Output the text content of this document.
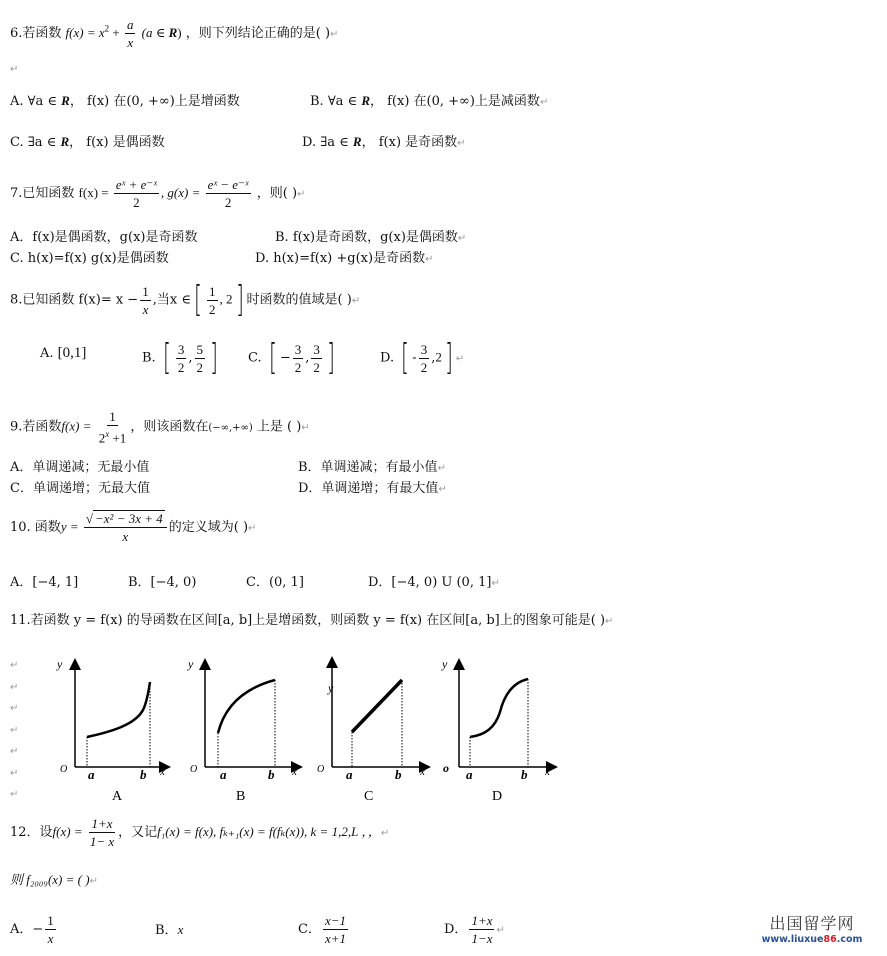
6.若函数 $f(x) = x^2 + \frac{a}{x} (a$ ∈ R) ，则下列结论正确的是( )↵
↵
A. ∀a ∈ R， f(x) 在(0, +∞)上是增函数	B. ∀a ∈ R， f(x) 在(0, +∞)上是减函数↵
C. ∃a ∈ R， f(x) 是偶函数	D. ∃a ∈ R， f(x) 是奇函数↵
7.已知函数 $f(x) = \frac{\text{eˣ + e⁻ˣ}}{2}$ , $g(x) = \frac{\text{eˣ − e⁻ˣ}}{2}$ ，则( )↵
A．f(x)是偶函数，g(x)是奇函数	B. f(x)是奇函数，g(x)是偶函数↵
C. h(x)=f(x) g(x)是偶函数	D. h(x)=f(x) +g(x)是奇函数↵
8.已知函数 $f(x)= x - \frac{1}{x}$ ,当x ∈[ $\frac{1}{2}$ , 2] 时函数的值域是( )↵
A. [0,1]	B. [ $\frac{3}{2}$ , $\frac{5}{2}$ ] C. [ − $\frac{3}{2}$ , $\frac{3}{2}$ ]	D. [ - $\frac{3}{2} ,2$] ↵
9.若函数$f(x) = \frac{1}{2^x +1}$ ，则该函数在(−∞,+∞) 上是 ( )↵
A．单调递减；无最小值	B．单调递减；有最小值↵
C．单调递增；无最大值	D．单调递增；有最大值↵
10. 函数$y = \frac{\text{√ −x² − 3x + 4}}{x}$ 的定义域为( )↵
A．[−4, 1]	B．[−4, 0)	C．(0, 1]	D．[−4, 0) U (0, 1]↵
11.若函数 y = f(x) 的导函数在区间[a, b]上是增函数，则函数 y = f(x) 在区间[a, b]上的图象可能是( )↵
↵
↵
↵
↵
↵
↵
↵
y
O a	b x
A
y
O a	b x
B
y
O a	b x
C
y
o a	b x
D
12．设$f(x) = \frac{1+x}{1- x}$ ，又记f₁(x) = f(x), fₖ₊₁(x) = f(fₖ(x)), k = 1,2,L ，，↵
则 f₂₀₀₉(x) = ( )↵
A．− $\frac{1}{x}$	B．x	C． $\frac{x-1}{x+1}$	D． $\frac{1+x}{1-x}$ ↵	出国留学网
www.liuxue86.com
